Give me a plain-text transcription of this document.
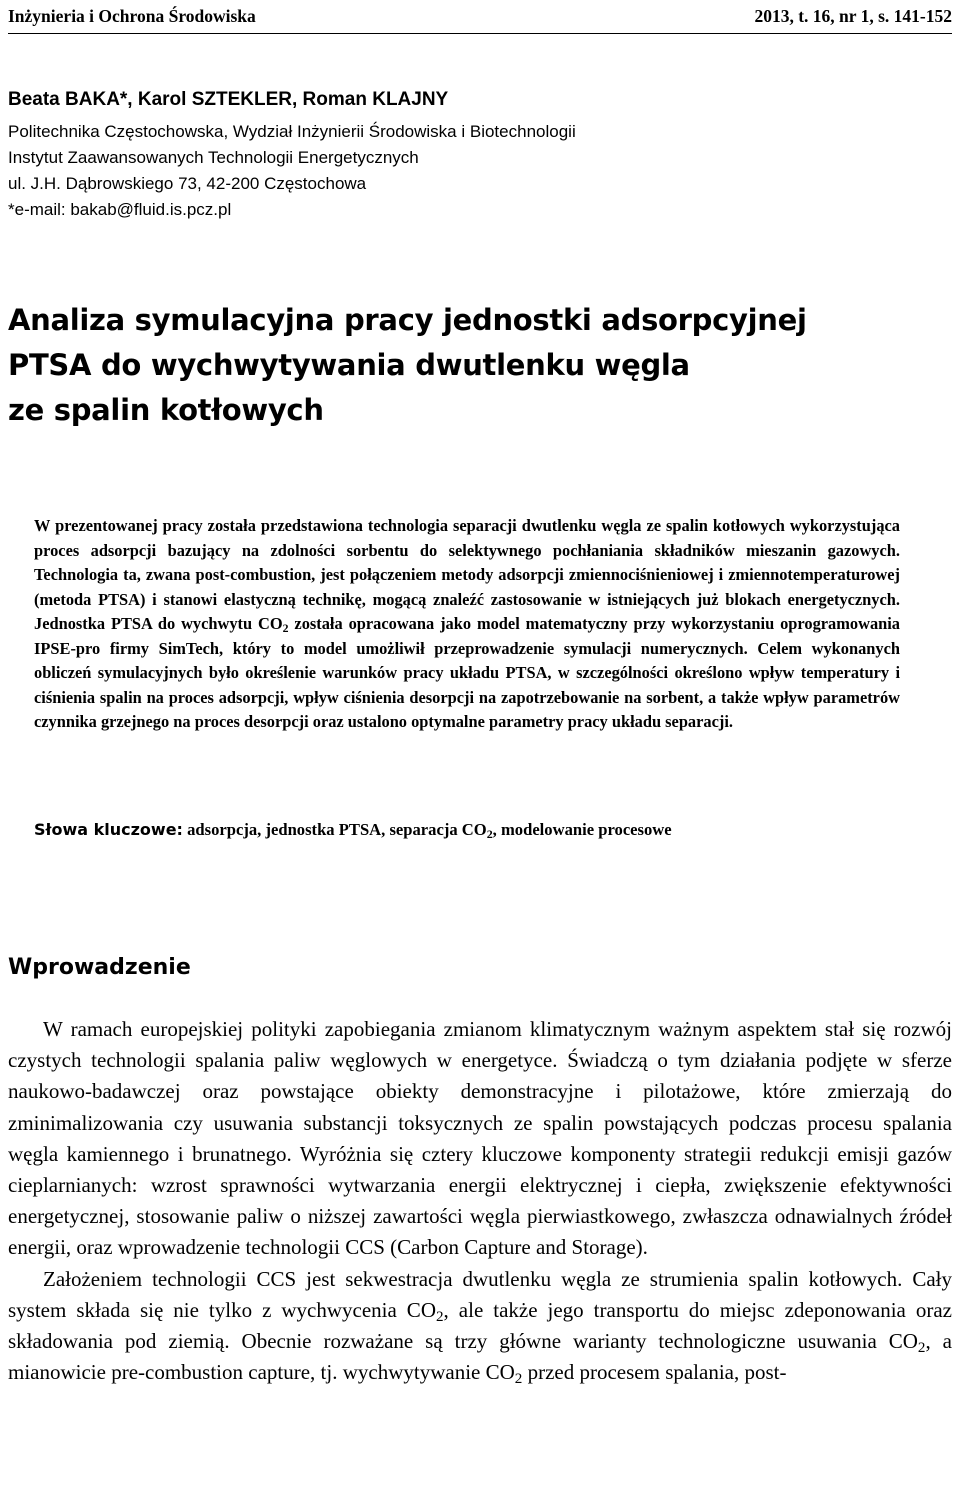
Inżynieria i Ochrona Środowiska	2013, t. 16, nr 1, s. 141-152

Beata BAKA*, Karol SZTEKLER, Roman KLAJNY

Politechnika Częstochowska, Wydział Inżynierii Środowiska i Biotechnologii

Instytut Zaawansowanych Technologii Energetycznych

ul. J.H. Dąbrowskiego 73, 42-200 Częstochowa

*e-mail: bakab@fluid.is.pcz.pl

Analiza symulacyjna pracy jednostki adsorpcyjnej
PTSA do wychwytywania dwutlenku węgla
ze spalin kotłowych

W prezentowanej pracy została przedstawiona technologia separacji dwutlenku węgla ze spalin kotłowych wykorzystująca proces adsorpcji bazujący na zdolności sorbentu do selektywnego pochłaniania składników mieszanin gazowych. Technologia ta, zwana post-combustion, jest połączeniem metody adsorpcji zmiennociśnieniowej i zmiennotemperaturowej (metoda PTSA) i stanowi elastyczną technikę, mogącą znaleźć zastosowanie w istniejących już blokach energetycznych. Jednostka PTSA do wychwytu $CO_2$ została opracowana jako model matematyczny przy wykorzystaniu oprogramowania IPSE-pro firmy SimTech, który to model umożliwił przeprowadzenie symulacji numerycznych. Celem wykonanych obliczeń symulacyjnych było określenie warunków pracy układu PTSA, w szczególności określono wpływ temperatury i ciśnienia spalin na proces adsorpcji, wpływ ciśnienia desorpcji na zapotrzebowanie na sorbent, a także wpływ parametrów czynnika grzejnego na proces desorpcji oraz ustalono optymalne parametry pracy układu separacji.

Słowa kluczowe: adsorpcja, jednostka PTSA, separacja $CO_2$, modelowanie procesowe

Wprowadzenie

W ramach europejskiej polityki zapobiegania zmianom klimatycznym ważnym aspektem stał się rozwój czystych technologii spalania paliw węglowych w energetyce. Świadczą o tym działania podjęte w sferze naukowo-badawczej oraz powstające obiekty demonstracyjne i pilotażowe, które zmierzają do zminimalizowania czy usuwania substancji toksycznych ze spalin powstających podczas procesu spalania węgla kamiennego i brunatnego. Wyróżnia się cztery kluczowe komponenty strategii redukcji emisji gazów cieplarnianych: wzrost sprawności wytwarzania energii elektrycznej i ciepła, zwiększenie efektywności energetycznej, stosowanie paliw o niższej zawartości węgla pierwiastkowego, zwłaszcza odnawialnych źródeł energii, oraz wprowadzenie technologii CCS (Carbon Capture and Storage).

Założeniem technologii CCS jest sekwestracja dwutlenku węgla ze strumienia spalin kotłowych. Cały system składa się nie tylko z wychwycenia $CO_2$, ale także jego transportu do miejsc zdeponowania oraz składowania pod ziemią. Obecnie rozważane są trzy główne warianty technologiczne usuwania $CO_2$, a mianowicie pre-combustion capture, tj. wychwytywanie $CO_2$ przed procesem spalania, post-
